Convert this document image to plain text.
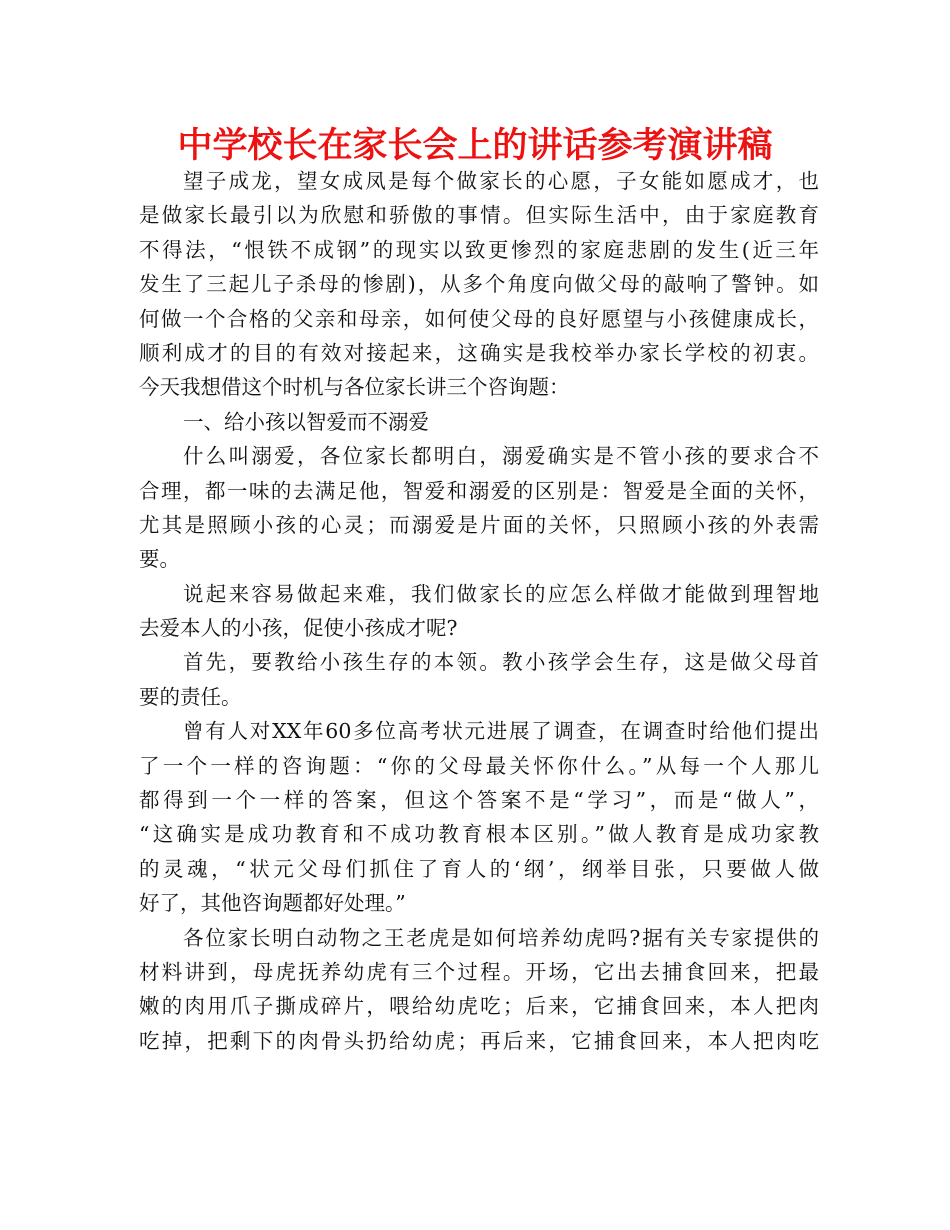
中学校长在家长会上的讲话参考演讲稿
望子成龙，望女成凤是每个做家长的心愿，子女能如愿成才，也
是做家长最引以为欣慰和骄傲的事情。但实际生活中，由于家庭教育
不得法，“恨铁不成钢”的现实以致更惨烈的家庭悲剧的发生(近三年
发生了三起儿子杀母的惨剧)，从多个角度向做父母的敲响了警钟。如
何做一个合格的父亲和母亲，如何使父母的良好愿望与小孩健康成长，
顺利成才的目的有效对接起来，这确实是我校举办家长学校的初衷。
今天我想借这个时机与各位家长讲三个咨询题：
一、给小孩以智爱而不溺爱
什么叫溺爱，各位家长都明白，溺爱确实是不管小孩的要求合不
合理，都一味的去满足他，智爱和溺爱的区别是：智爱是全面的关怀，
尤其是照顾小孩的心灵；而溺爱是片面的关怀，只照顾小孩的外表需
要。
说起来容易做起来难，我们做家长的应怎么样做才能做到理智地
去爱本人的小孩，促使小孩成才呢?
首先，要教给小孩生存的本领。教小孩学会生存，这是做父母首
要的责任。
曾有人对XX年60多位高考状元进展了调查，在调查时给他们提出
了一个一样的咨询题：“你的父母最关怀你什么。”从每一个人那儿
都得到一个一样的答案，但这个答案不是“学习”，而是“做人”，
“这确实是成功教育和不成功教育根本区别。”做人教育是成功家教
的灵魂，“状元父母们抓住了育人的‘纲’，纲举目张，只要做人做
好了，其他咨询题都好处理。”
各位家长明白动物之王老虎是如何培养幼虎吗?据有关专家提供的
材料讲到，母虎抚养幼虎有三个过程。开场，它出去捕食回来，把最
嫩的肉用爪子撕成碎片，喂给幼虎吃；后来，它捕食回来，本人把肉
吃掉，把剩下的肉骨头扔给幼虎；再后来，它捕食回来，本人把肉吃
